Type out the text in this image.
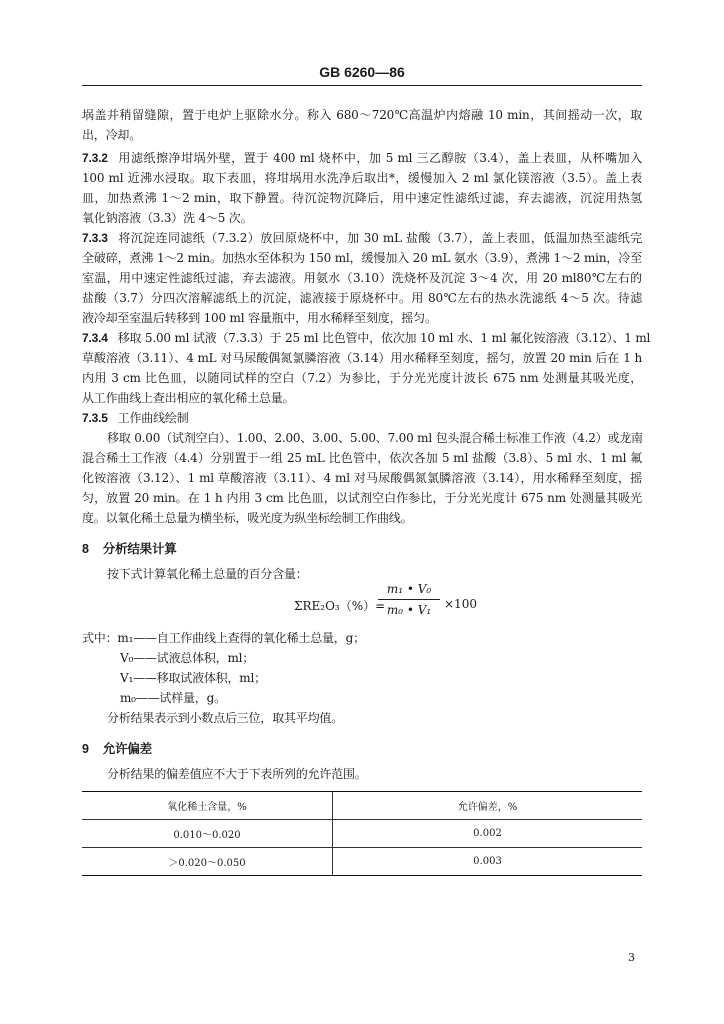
GB 6260—86
埚盖并稍留缝隙，置于电炉上驱除水分。称入 680～720℃高温炉内熔融 10 min，其间摇动一次，取
出，冷却。
7.3.2 用滤纸擦净坩埚外壁，置于 400 ml 烧杯中，加 5 ml 三乙醇胺（3.4），盖上表皿，从杯嘴加入
100 ml 近沸水浸取。取下表皿，将坩埚用水洗净后取出*，缓慢加入 2 ml 氯化镁溶液（3.5）。盖上表
皿，加热煮沸 1～2 min，取下静置。待沉淀物沉降后，用中速定性滤纸过滤，弃去滤液，沉淀用热氢
氧化钠溶液（3.3）洗 4～5 次。
7.3.3 将沉淀连同滤纸（7.3.2）放回原烧杯中，加 30 mL 盐酸（3.7），盖上表皿，低温加热至滤纸完
全破碎，煮沸 1～2 min。加热水至体积为 150 ml，缓慢加入 20 mL 氨水（3.9），煮沸 1～2 min，冷至
室温，用中速定性滤纸过滤，弃去滤液。用氨水（3.10）洗烧杯及沉淀 3～4 次，用 20 ml80℃左右的
盐酸（3.7）分四次溶解滤纸上的沉淀，滤液接于原烧杯中。用 80℃左右的热水洗滤纸 4～5 次。待滤
液冷却至室温后转移到 100 ml 容量瓶中，用水稀释至刻度，摇匀。
7.3.4 移取 5.00 ml 试液（7.3.3）于 25 ml 比色管中，依次加 10 ml 水、1 ml 氟化铵溶液（3.12）、1 ml
草酸溶液（3.11）、4 mL 对马尿酸偶氮氯膦溶液（3.14）用水稀释至刻度，摇匀，放置 20 min 后在 1 h
内用 3 cm 比色皿，以随同试样的空白（7.2）为参比，于分光光度计波长 675 nm 处测量其吸光度，
从工作曲线上查出相应的氧化稀土总量。
7.3.5 工作曲线绘制
移取 0.00（试剂空白）、1.00、2.00、3.00、5.00、7.00 ml 包头混合稀土标准工作液（4.2）或龙南
混合稀土工作液（4.4）分别置于一组 25 mL 比色管中，依次各加 5 ml 盐酸（3.8）、5 ml 水、1 ml 氟
化铵溶液（3.12）、1 ml 草酸溶液（3.11）、4 ml 对马尿酸偶氮氯膦溶液（3.14），用水稀释至刻度，摇
匀，放置 20 min。在 1 h 内用 3 cm 比色皿，以试剂空白作参比，于分光光度计 675 nm 处测量其吸光
度。以氧化稀土总量为横坐标，吸光度为纵坐标绘制工作曲线。
8 分析结果计算
按下式计算氧化稀土总量的百分含量：
ΣRE₂O₃（%）=
m₁ • V₀
m₀ • V₁	×100
式中：m₁——自工作曲线上查得的氧化稀土总量，g；
V₀——试液总体积，ml；
V₁——移取试液体积，ml；
m₀——试样量，g。
分析结果表示到小数点后三位，取其平均值。
9 允许偏差
分析结果的偏差值应不大于下表所列的允许范围。
氧化稀土含量，%	允许偏差，%
0.010～0.020	0.002
＞0.020～0.050	0.003
3
